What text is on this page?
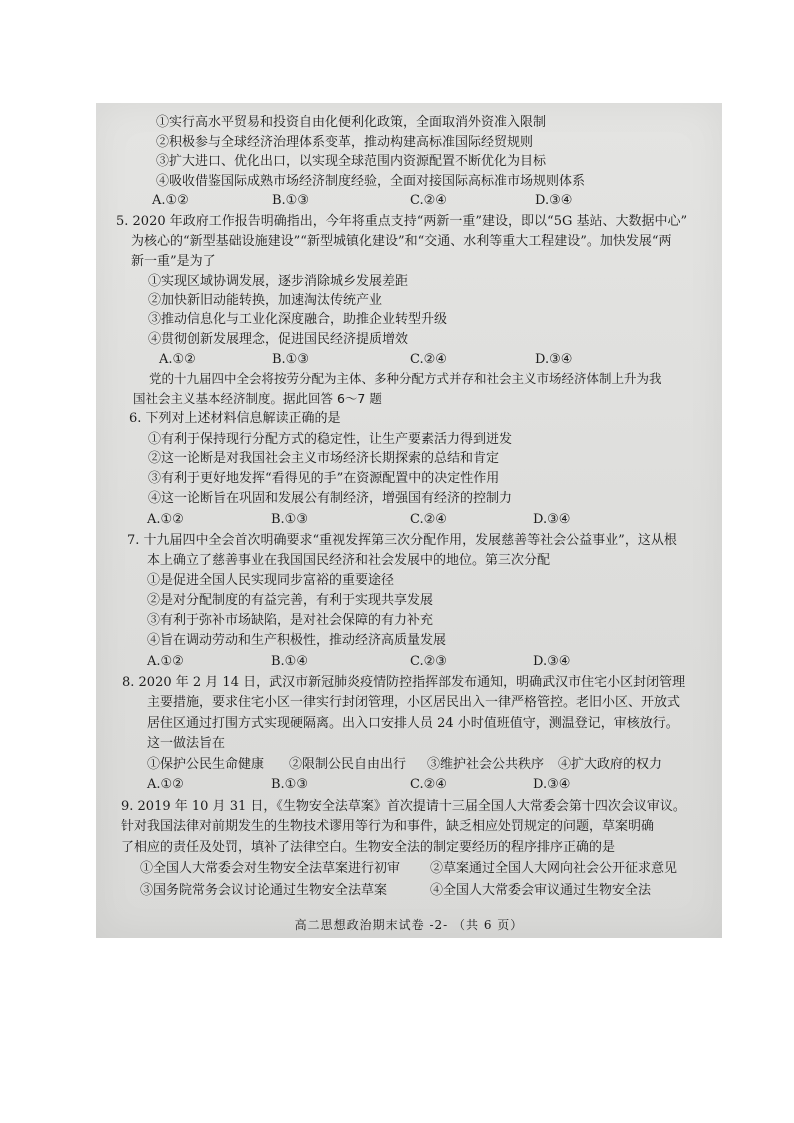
①实行高水平贸易和投资自由化便利化政策，全面取消外资准入限制
②积极参与全球经济治理体系变革，推动构建高标准国际经贸规则
③扩大进口、优化出口，以实现全球范围内资源配置不断优化为目标
④吸收借鉴国际成熟市场经济制度经验，全面对接国际高标准市场规则体系
A.①②	B.①③	C.②④	D.③④
5. 2020 年政府工作报告明确指出，今年将重点支持“两新一重”建设，即以“5G 基站、大数据中心”
为核心的“新型基础设施建设”“新型城镇化建设”和“交通、水利等重大工程建设”。加快发展“两
新一重”是为了
①实现区域协调发展，逐步消除城乡发展差距
②加快新旧动能转换，加速淘汰传统产业
③推动信息化与工业化深度融合，助推企业转型升级
④贯彻创新发展理念，促进国民经济提质增效
A.①②	B.①③	C.②④	D.③④
党的十九届四中全会将按劳分配为主体、多种分配方式并存和社会主义市场经济体制上升为我
国社会主义基本经济制度。据此回答 6～7 题
6. 下列对上述材料信息解读正确的是
①有利于保持现行分配方式的稳定性，让生产要素活力得到迸发
②这一论断是对我国社会主义市场经济长期探索的总结和肯定
③有利于更好地发挥“看得见的手”在资源配置中的决定性作用
④这一论断旨在巩固和发展公有制经济，增强国有经济的控制力
A.①②	B.①③	C.②④	D.③④
7. 十九届四中全会首次明确要求“重视发挥第三次分配作用，发展慈善等社会公益事业”，这从根
本上确立了慈善事业在我国国民经济和社会发展中的地位。第三次分配
①是促进全国人民实现同步富裕的重要途径
②是对分配制度的有益完善，有利于实现共享发展
③有利于弥补市场缺陷，是对社会保障的有力补充
④旨在调动劳动和生产积极性，推动经济高质量发展
A.①②	B.①④	C.②③	D.③④
8. 2020 年 2 月 14 日，武汉市新冠肺炎疫情防控指挥部发布通知，明确武汉市住宅小区封闭管理
主要措施，要求住宅小区一律实行封闭管理，小区居民出入一律严格管控。老旧小区、开放式
居住区通过打围方式实现硬隔离。出入口安排人员 24 小时值班值守，测温登记，审核放行。
这一做法旨在
①保护公民生命健康 ②限制公民自由出行 ③维护社会公共秩序 ④扩大政府的权力
A.①②	B.①③	C.②④	D.③④
9. 2019 年 10 月 31 日，《生物安全法草案》首次提请十三届全国人大常委会第十四次会议审议。
针对我国法律对前期发生的生物技术谬用等行为和事件，缺乏相应处罚规定的问题，草案明确
了相应的责任及处罚，填补了法律空白。生物安全法的制定要经历的程序排序正确的是
①全国人大常委会对生物安全法草案进行初审 ②草案通过全国人大网向社会公开征求意见
③国务院常务会议讨论通过生物安全法草案	④全国人大常委会审议通过生物安全法
高二思想政治期末试卷 -2- （共 6 页）
